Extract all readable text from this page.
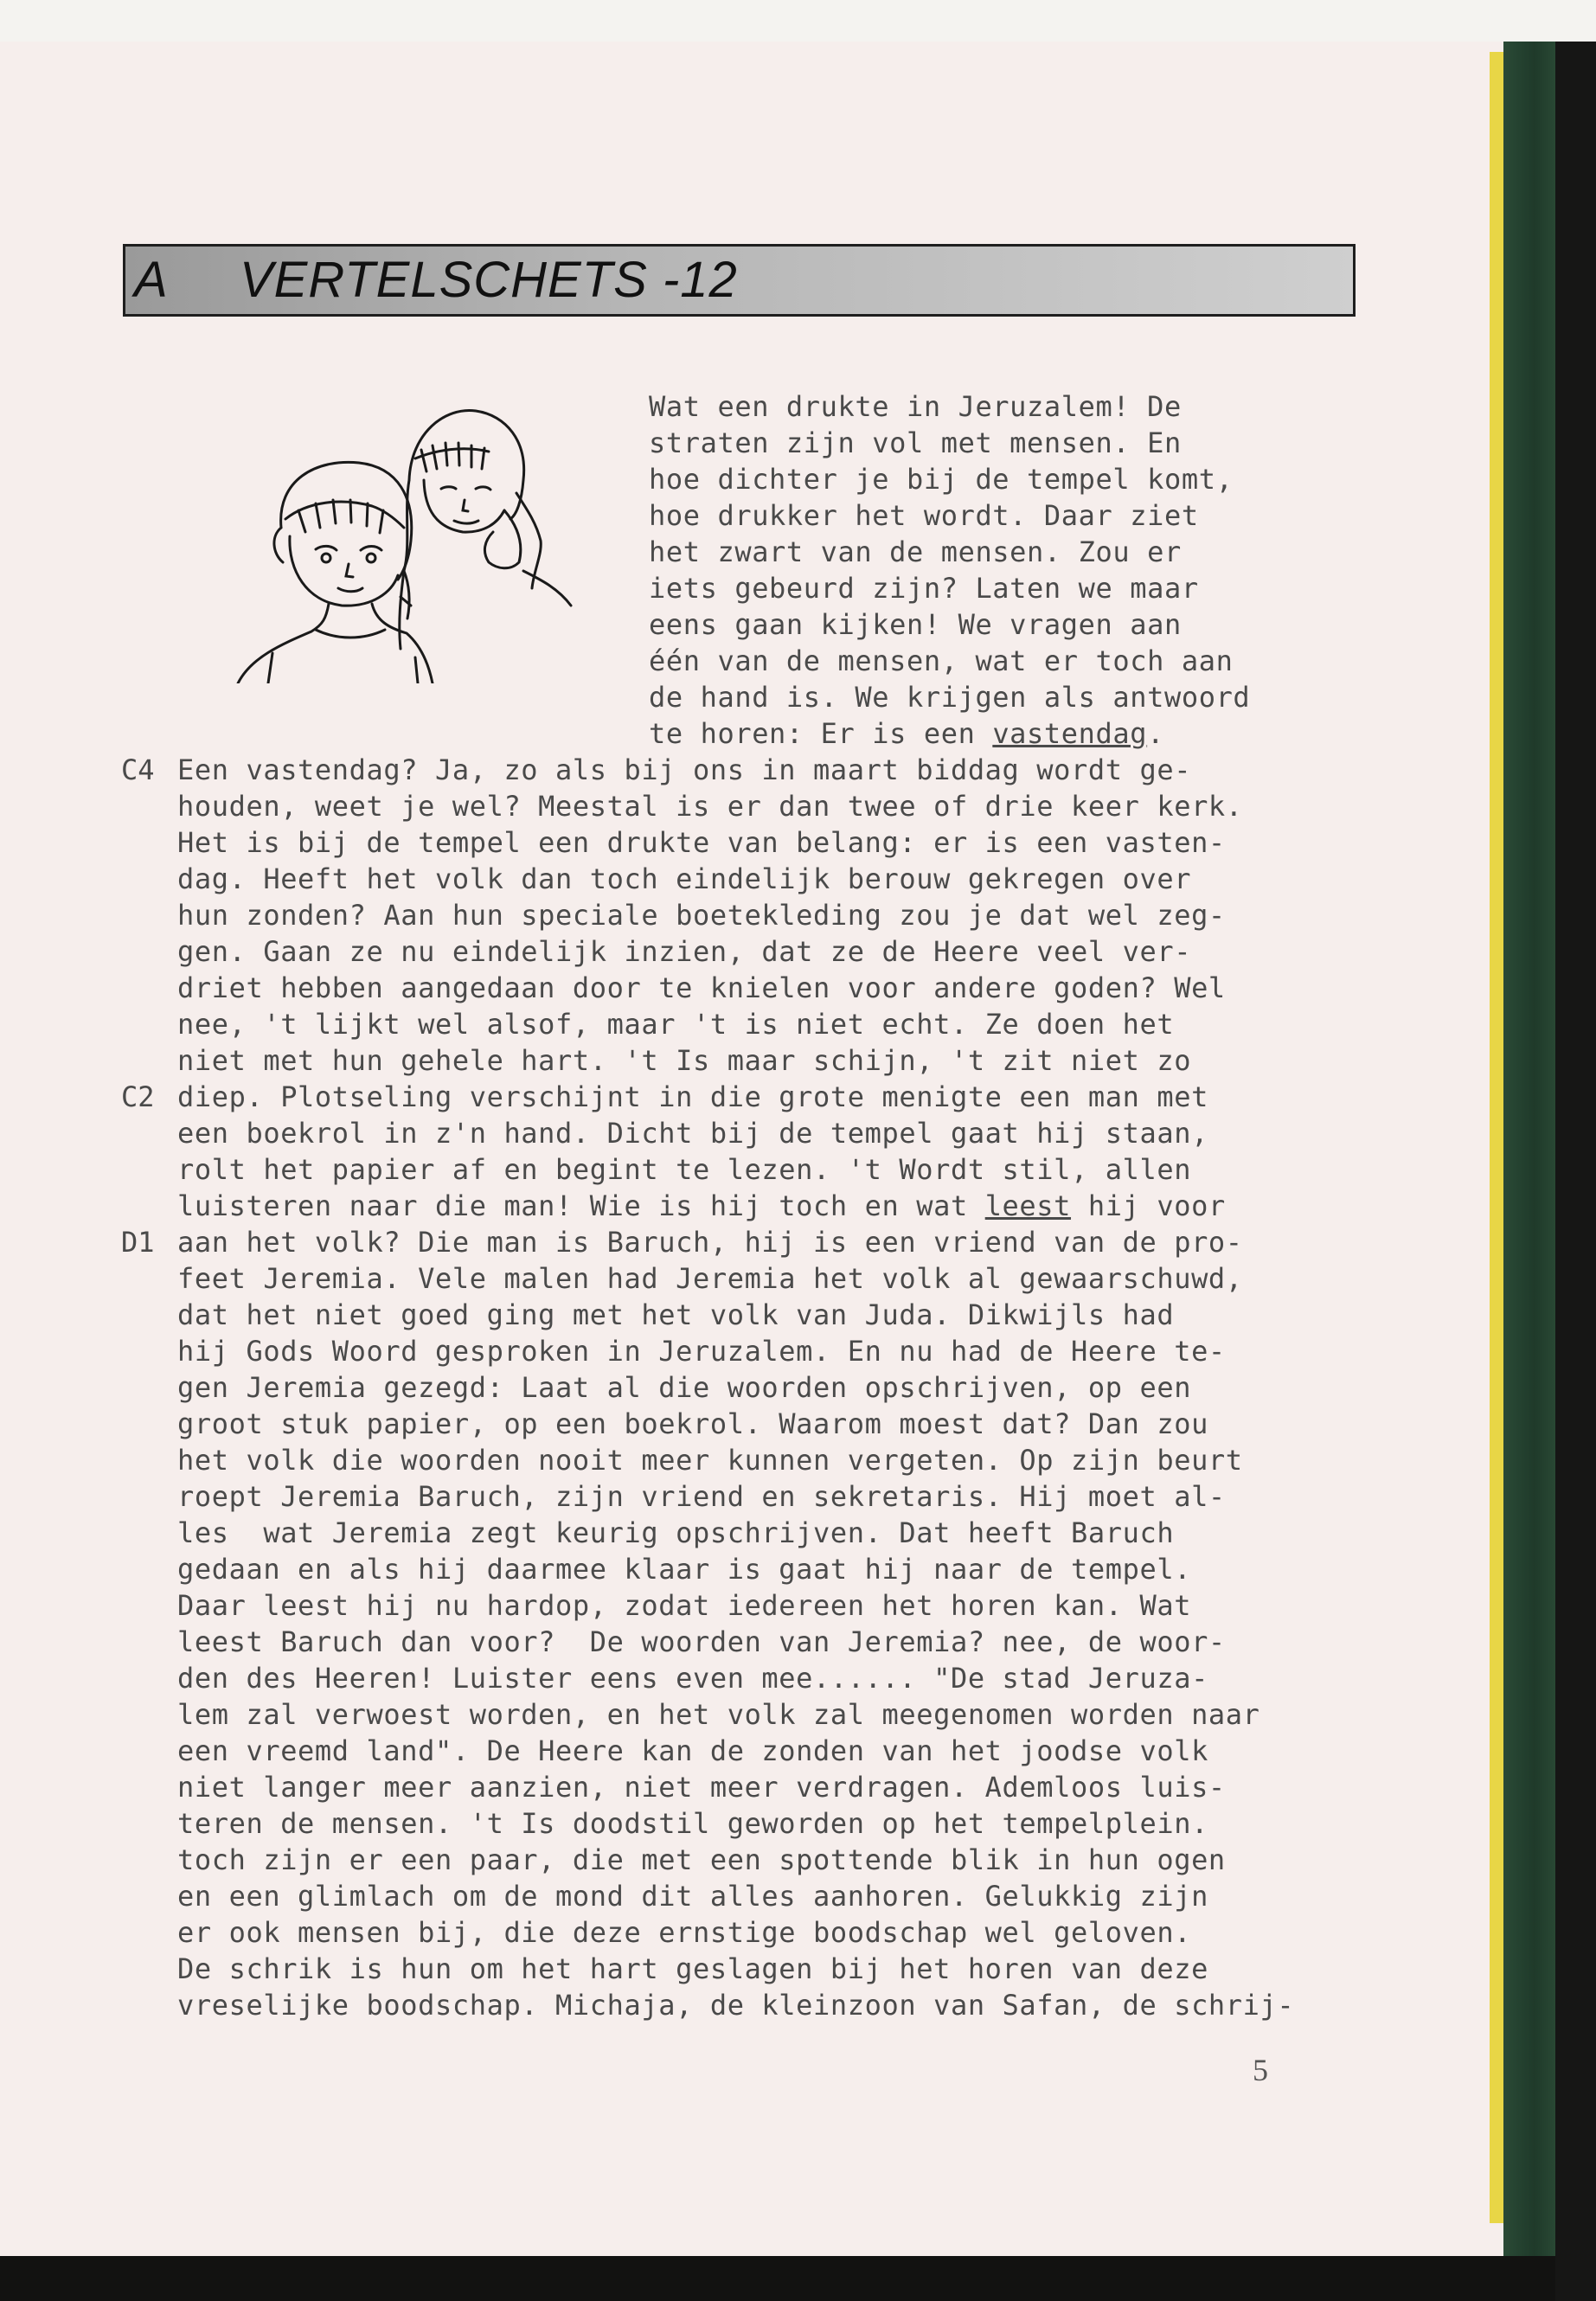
A VERTELSCHETS -12
Wat een drukte in Jeruzalem! De
straten zijn vol met mensen. En
hoe dichter je bij de tempel komt,
hoe drukker het wordt. Daar ziet
het zwart van de mensen. Zou er
iets gebeurd zijn? Laten we maar
eens gaan kijken! We vragen aan
één van de mensen, wat er toch aan
de hand is. We krijgen als antwoord
te horen: Er is een vastendag.
C4
C2
D1
Een vastendag? Ja, zo als bij ons in maart biddag wordt ge-
houden, weet je wel? Meestal is er dan twee of drie keer kerk.
Het is bij de tempel een drukte van belang: er is een vasten-
dag. Heeft het volk dan toch eindelijk berouw gekregen over
hun zonden? Aan hun speciale boetekleding zou je dat wel zeg-
gen. Gaan ze nu eindelijk inzien, dat ze de Heere veel ver-
driet hebben aangedaan door te knielen voor andere goden? Wel
nee, 't lijkt wel alsof, maar 't is niet echt. Ze doen het
niet met hun gehele hart. 't Is maar schijn, 't zit niet zo
diep. Plotseling verschijnt in die grote menigte een man met
een boekrol in z'n hand. Dicht bij de tempel gaat hij staan,
rolt het papier af en begint te lezen. 't Wordt stil, allen
luisteren naar die man! Wie is hij toch en wat leest hij voor
aan het volk? Die man is Baruch, hij is een vriend van de pro-
feet Jeremia. Vele malen had Jeremia het volk al gewaarschuwd,
dat het niet goed ging met het volk van Juda. Dikwijls had
hij Gods Woord gesproken in Jeruzalem. En nu had de Heere te-
gen Jeremia gezegd: Laat al die woorden opschrijven, op een
groot stuk papier, op een boekrol. Waarom moest dat? Dan zou
het volk die woorden nooit meer kunnen vergeten. Op zijn beurt
roept Jeremia Baruch, zijn vriend en sekretaris. Hij moet al-
les  wat Jeremia zegt keurig opschrijven. Dat heeft Baruch
gedaan en als hij daarmee klaar is gaat hij naar de tempel.
Daar leest hij nu hardop, zodat iedereen het horen kan. Wat
leest Baruch dan voor?  De woorden van Jeremia? nee, de woor-
den des Heeren! Luister eens even mee...... "De stad Jeruza-
lem zal verwoest worden, en het volk zal meegenomen worden naar
een vreemd land". De Heere kan de zonden van het joodse volk
niet langer meer aanzien, niet meer verdragen. Ademloos luis-
teren de mensen. 't Is doodstil geworden op het tempelplein.
toch zijn er een paar, die met een spottende blik in hun ogen
en een glimlach om de mond dit alles aanhoren. Gelukkig zijn
er ook mensen bij, die deze ernstige boodschap wel geloven.
De schrik is hun om het hart geslagen bij het horen van deze
vreselijke boodschap. Michaja, de kleinzoon van Safan, de schrij-
5
